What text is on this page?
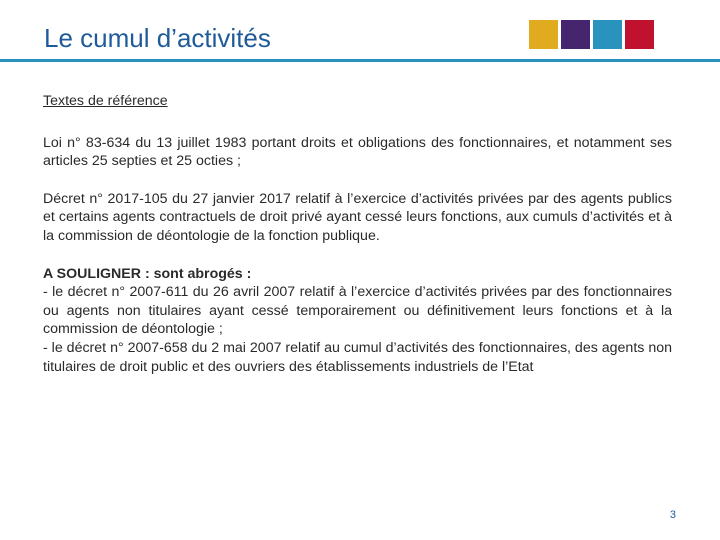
Le cumul d’activités

Textes de référence

Loi n° 83-634 du 13 juillet 1983 portant droits et obligations des fonctionnaires, et notamment ses articles 25 septies et 25 octies ;

Décret n° 2017-105 du 27 janvier 2017 relatif à l’exercice d’activités privées par des agents publics et certains agents contractuels de droit privé ayant cessé leurs fonctions, aux cumuls d’activités et à la commission de déontologie de la fonction publique.

A SOULIGNER : sont abrogés :

- le décret n° 2007-611 du 26 avril 2007 relatif à l’exercice d’activités privées par des fonctionnaires ou agents non titulaires ayant cessé temporairement ou définitivement leurs fonctions et à la commission de déontologie ;

- le décret n° 2007-658 du 2 mai 2007 relatif au cumul d’activités des fonctionnaires, des agents non titulaires de droit public et des ouvriers des établissements industriels de l’Etat

3
